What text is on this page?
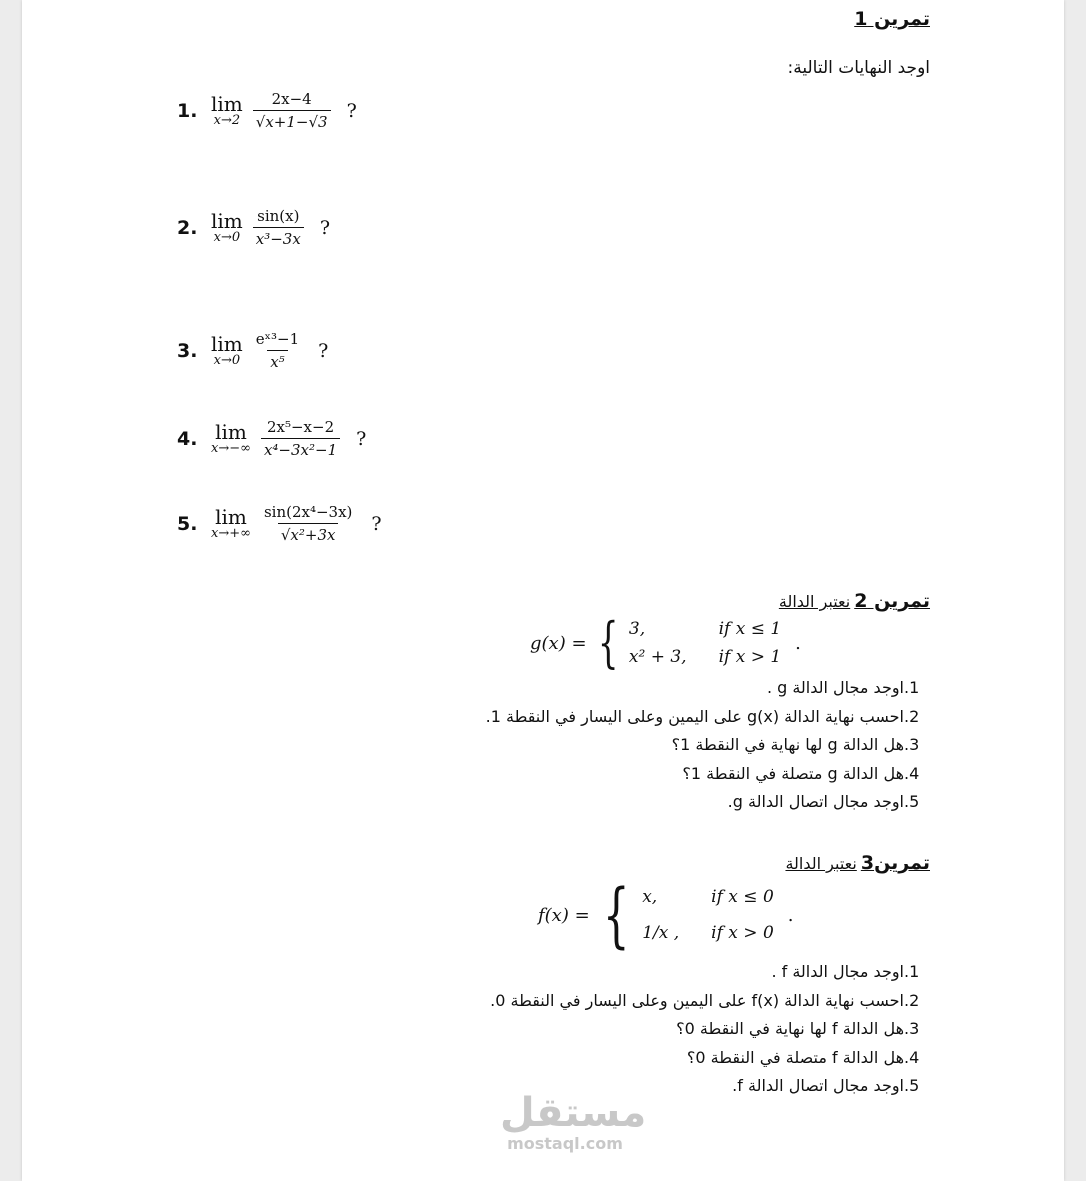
تمرين 1
اوجد النهايات التالية:
1. lim
$x\to 2 \frac{2x-4}{√x+1-√3}$ ?
2. lim
$x\to 0 \frac{\sin(x)}{\text{x³−3x}}$ ?
3. lim
$x\to 0 \frac{\text{eˣ³−1}}{\text{x⁵}}$ ?
4. lim
$x\to-\infty \frac{\text{2x⁵−x−2}}{\text{x⁴−3x²−1}}$ ?
5. lim
$x\to+\infty \frac{\text{sin(2x⁴−3x)}}{\text{√x²+3x}}$ ?
تمرين 2نعتبر الدالة
g(x) = { 3,	if x ≤ 1
x² + 3, if x > 1
.
1.
اوجد مجال الدالة g .
2.
احسب نهاية الدالة g(x) على اليمين وعلى اليسار في النقطة 1.
3.
هل الدالة g لها نهاية في النقطة 1؟
4.
هل الدالة g متصلة في النقطة 1؟
5.
اوجد مجال اتصال الدالة g.
تمرين3نعتبر الدالة
f(x) = { x,	if x ≤ 0
1/x , if x > 0
.
1.
اوجد مجال الدالة f .
2.
احسب نهاية الدالة f(x) على اليمين وعلى اليسار في النقطة 0.
3.
هل الدالة f لها نهاية في النقطة 0؟
4.
هل الدالة f متصلة في النقطة 0؟
5.
اوجد مجال اتصال الدالة f.
مستقل
mostaql.com
